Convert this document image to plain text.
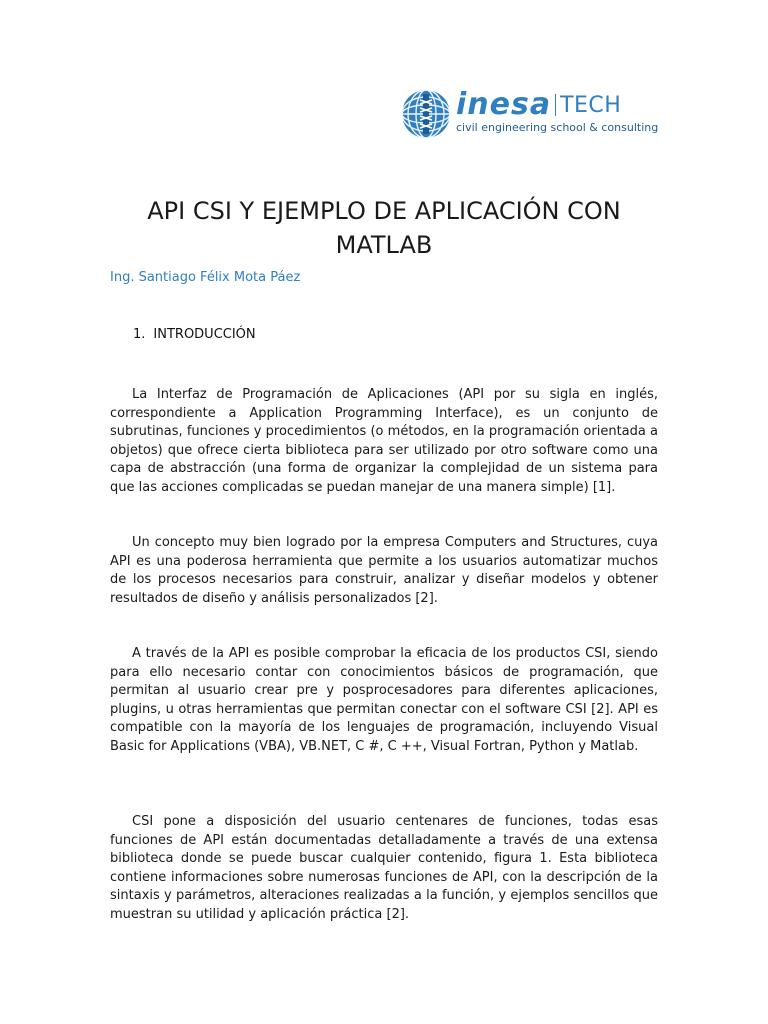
inesa TECH
civil engineering school & consulting
API CSI Y EJEMPLO DE APLICACIÓN CON MATLAB
Ing. Santiago Félix Mota Páez
1. INTRODUCCIÓN

La Interfaz de Programación de Aplicaciones (API por su sigla en inglés, correspondiente a Application Programming Interface), es un conjunto de subrutinas, funciones y procedimientos (o métodos, en la programación orientada a objetos) que ofrece cierta biblioteca para ser utilizado por otro software como una capa de abstracción (una forma de organizar la complejidad de un sistema para que las acciones complicadas se puedan manejar de una manera simple) [1].

Un concepto muy bien logrado por la empresa Computers and Structures, cuya API es una poderosa herramienta que permite a los usuarios automatizar muchos de los procesos necesarios para construir, analizar y diseñar modelos y obtener resultados de diseño y análisis personalizados [2].

A través de la API es posible comprobar la eficacia de los productos CSI, siendo para ello necesario contar con conocimientos básicos de programación, que permitan al usuario crear pre y posprocesadores para diferentes aplicaciones, plugins, u otras herramientas que permitan conectar con el software CSI [2]. API es compatible con la mayoría de los lenguajes de programación, incluyendo Visual Basic for Applications (VBA), VB.NET, C #, C ++, Visual Fortran, Python y Matlab.

CSI pone a disposición del usuario centenares de funciones, todas esas funciones de API están documentadas detalladamente a través de una extensa biblioteca donde se puede buscar cualquier contenido, figura 1. Esta biblioteca contiene informaciones sobre numerosas funciones de API, con la descripción de la sintaxis y parámetros, alteraciones realizadas a la función, y ejemplos sencillos que muestran su utilidad y aplicación práctica [2].
